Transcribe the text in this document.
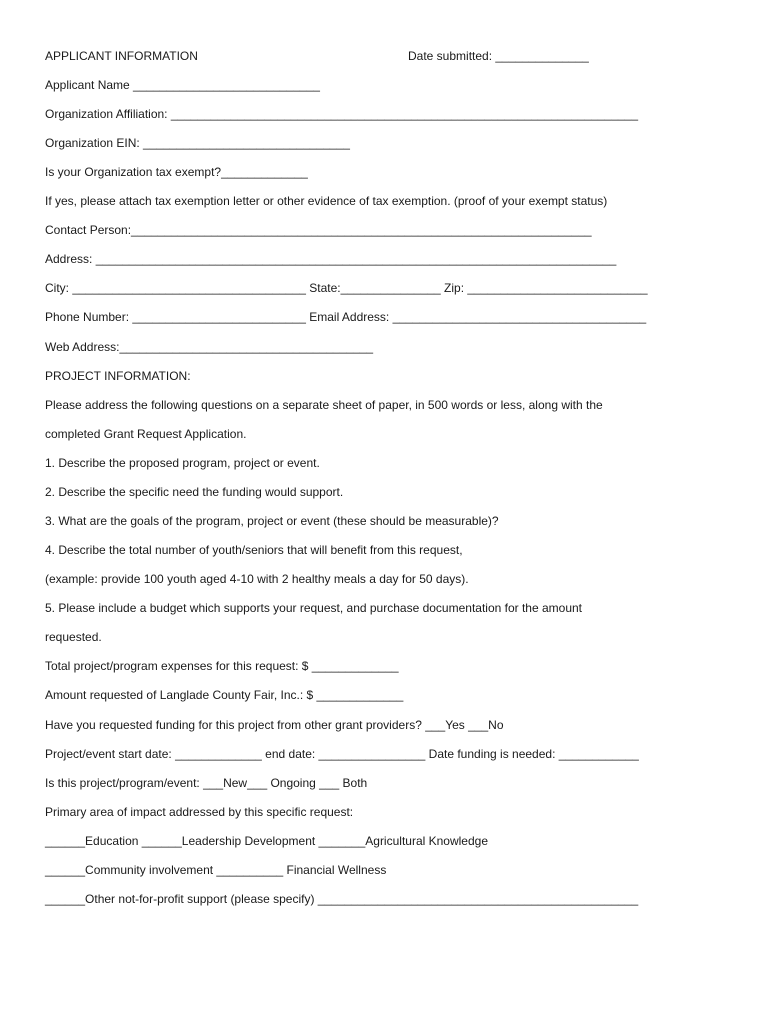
APPLICANT INFORMATION	Date submitted: ______________
Applicant Name ____________________________
Organization Affiliation: ______________________________________________________________________
Organization EIN: _______________________________
Is your Organization tax exempt?_____________
If yes, please attach tax exemption letter or other evidence of tax exemption. (proof of your exempt status)
Contact Person:_____________________________________________________________________
Address: ______________________________________________________________________________
City: ___________________________________ State:_______________ Zip: ___________________________
Phone Number: __________________________ Email Address: ______________________________________
Web Address:______________________________________
PROJECT INFORMATION:
Please address the following questions on a separate sheet of paper, in 500 words or less, along with the
completed Grant Request Application.
1. Describe the proposed program, project or event.
2. Describe the specific need the funding would support.
3. What are the goals of the program, project or event (these should be measurable)?
4. Describe the total number of youth/seniors that will benefit from this request,
(example: provide 100 youth aged 4-10 with 2 healthy meals a day for 50 days).
5. Please include a budget which supports your request, and purchase documentation for the amount
requested.
Total project/program expenses for this request: $ _____________
Amount requested of Langlade County Fair, Inc.: $ _____________
Have you requested funding for this project from other grant providers? ___Yes ___No
Project/event start date: _____________ end date: ________________ Date funding is needed: ____________
Is this project/program/event: ___New___ Ongoing ___ Both
Primary area of impact addressed by this specific request:
______Education ______Leadership Development _______Agricultural Knowledge
______Community involvement __________ Financial Wellness
______Other not-for-profit support (please specify) ________________________________________________
